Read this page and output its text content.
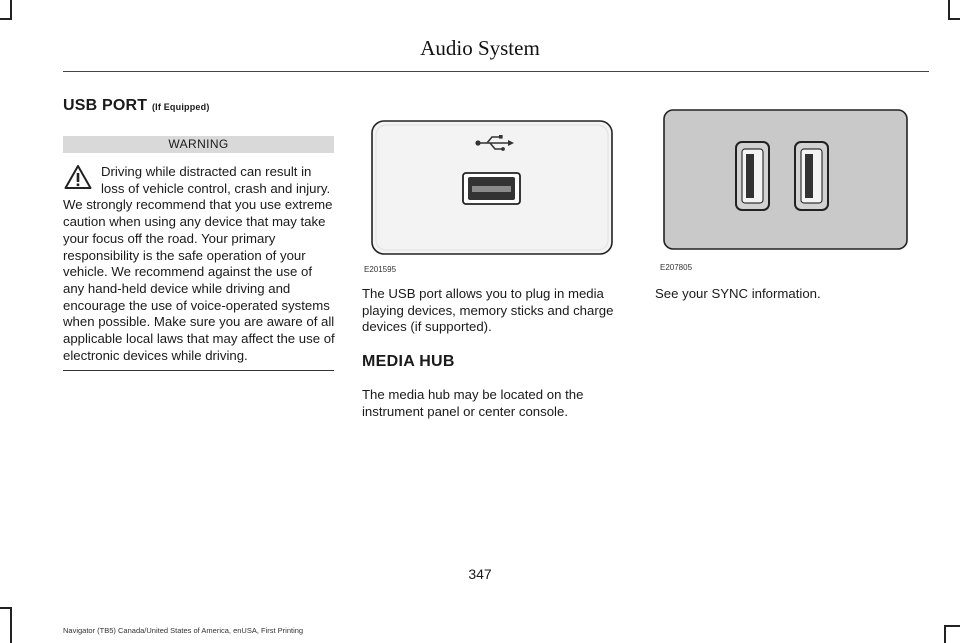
Audio System
USB PORT (If Equipped)
WARNING

Driving while distracted can result in loss of vehicle control, crash and injury.
We strongly recommend that you use extreme caution when using any device that may take your focus off the road. Your primary responsibility is the safe operation of your vehicle. We recommend against the use of any hand-held device while driving and encourage the use of voice-operated systems when possible. Make sure you are aware of all applicable local laws that may affect the use of electronic devices while driving.

E201595	E207805

The USB port allows you to plug in media playing devices, memory sticks and charge devices (if supported).

MEDIA HUB

The media hub may be located on the instrument panel or center console.

See your SYNC information.

347
Navigator (TB5) Canada/United States of America, enUSA, First Printing
